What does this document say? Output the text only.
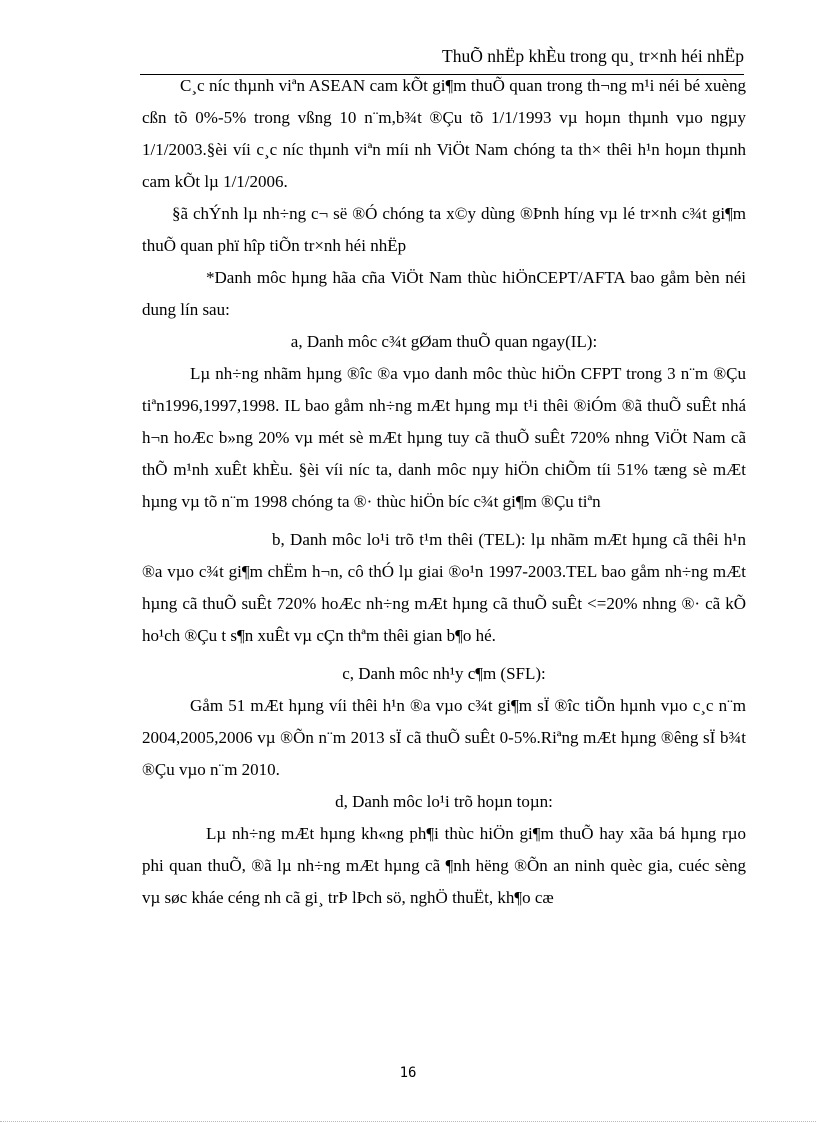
ThuÕ nhËp khÈu trong qu¸ tr×nh héi nhËp

C¸c níc thµnh viªn ASEAN cam kÕt gi¶m thuÕ quan trong th¬ng m¹i néi bé xuèng cßn tõ 0%-5% trong vßng 10 n¨m,b¾t ®Çu tõ 1/1/1993 vµ hoµn thµnh vµo ngµy 1/1/2003.§èi víi c¸c níc thµnh viªn míi nh ViÖt Nam chóng ta th× thêi h¹n hoµn thµnh cam kÕt lµ 1/1/2006.

§ã chÝnh lµ nh÷ng c¬ së ®Ó chóng ta x©y dùng ®Þnh híng vµ lé tr×nh c¾t gi¶m thuÕ quan phï hîp tiÕn tr×nh héi nhËp

*Danh môc hµng hãa cña ViÖt Nam thùc hiÖnCEPT/AFTA bao gåm bèn néi dung lín sau:

a, Danh môc c¾t gØam thuÕ quan ngay(IL):

Lµ nh÷ng nhãm hµng ®îc ®a vµo danh môc thùc hiÖn CFPT trong 3 n¨m ®Çu tiªn1996,1997,1998. IL bao gåm nh÷ng mÆt hµng mµ t¹i thêi ®iÓm ®ã thuÕ suÊt nhá h¬n hoÆc b»ng 20% vµ mét sè mÆt hµng tuy cã thuÕ suÊt 720% nhng ViÖt Nam cã thÕ m¹nh xuÊt khÈu. §èi víi níc ta, danh môc nµy hiÖn chiÕm tíi 51% tæng sè mÆt hµng vµ tõ n¨m 1998 chóng ta ®· thùc hiÖn bíc c¾t gi¶m ®Çu tiªn

b, Danh môc lo¹i trõ t¹m thêi (TEL): lµ nhãm mÆt hµng cã thêi h¹n ®a vµo c¾t gi¶m chËm h¬n, cô thÓ lµ giai ®o¹n 1997-2003.TEL bao gåm nh÷ng mÆt hµng cã thuÕ suÊt 720% hoÆc nh÷ng mÆt hµng cã thuÕ suÊt <=20% nhng ®· cã kÕ ho¹ch ®Çu t s¶n xuÊt vµ cÇn thªm thêi gian b¶o hé.

c, Danh môc nh¹y c¶m (SFL):

Gåm 51 mÆt hµng víi thêi h¹n ®a vµo c¾t gi¶m sÏ ®îc tiÕn hµnh vµo c¸c n¨m 2004,2005,2006 vµ ®Õn n¨m 2013 sÏ cã thuÕ suÊt 0-5%.Riªng mÆt hµng ®êng sÏ b¾t ®Çu vµo n¨m 2010.

d, Danh môc lo¹i trõ hoµn toµn:

Lµ nh÷ng mÆt hµng kh«ng ph¶i thùc hiÖn gi¶m thuÕ hay xãa bá hµng rµo phi quan thuÕ, ®ã lµ nh÷ng mÆt hµng cã ¶nh hëng ®Õn an ninh quèc gia, cuéc sèng vµ søc kháe céng nh cã gi¸ trÞ lÞch sö, nghÖ thuËt, kh¶o cæ

16
